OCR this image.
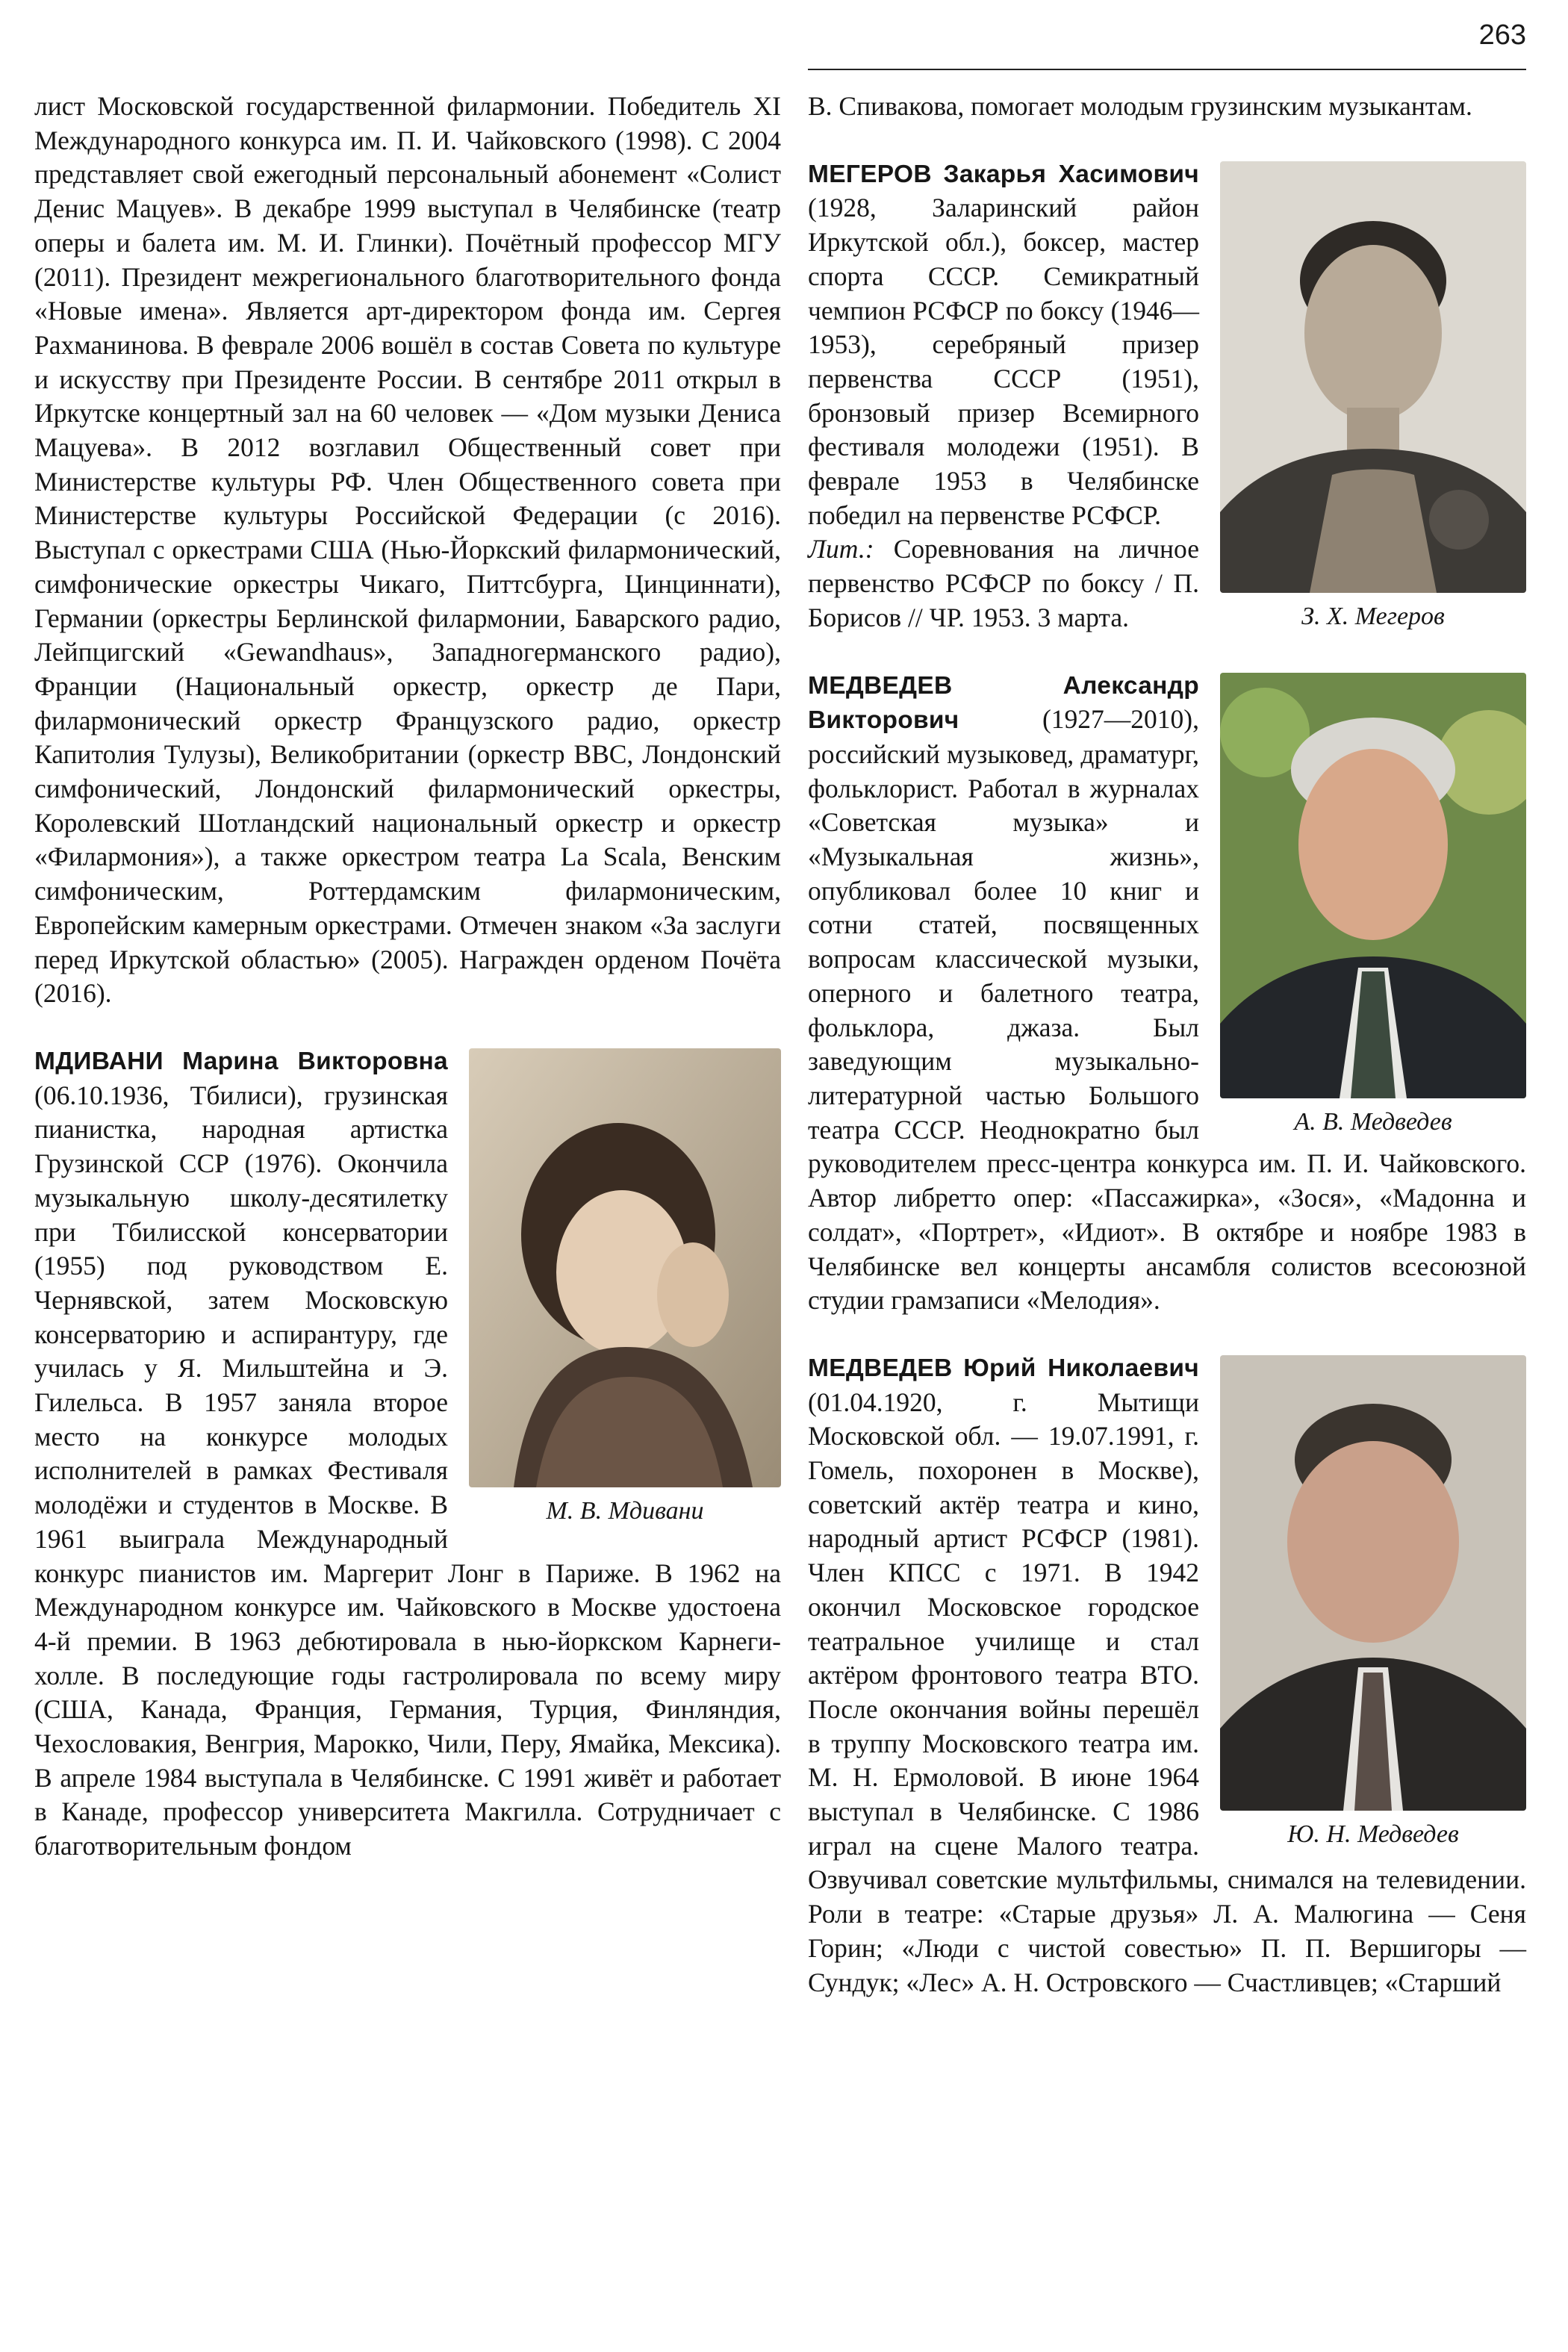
263

лист Московской государственной филармонии. Победитель XI Международного конкурса им. П. И. Чайковского (1998). С 2004 представляет свой ежегодный персональный абонемент «Солист Денис Мацуев». В декабре 1999 выступал в Челябинске (театр оперы и балета им. М. И. Глинки). Почётный профессор МГУ (2011). Президент межрегионального благотворительного фонда «Новые имена». Является арт-директором фонда им. Сергея Рахманинова. В феврале 2006 вошёл в состав Совета по культуре и искусству при Президенте России. В сентябре 2011 открыл в Иркутске концертный зал на 60 человек — «Дом музыки Дениса Мацуева». В 2012 возглавил Общественный совет при Министерстве культуры РФ. Член Общественного совета при Министерстве культуры Российской Федерации (с 2016). Выступал с оркестрами США (Нью-Йоркский филармонический, симфонические оркестры Чикаго, Питтсбурга, Цинциннати), Германии (оркестры Берлинской филармонии, Баварского радио, Лейпцигский «Gewandhaus», Западногерманского радио), Франции (Национальный оркестр, оркестр де Пари, филармонический оркестр Французского радио, оркестр Капитолия Тулузы), Великобритании (оркестр BBC, Лондонский симфонический, Лондонский филармонический оркестры, Королевский Шотландский национальный оркестр и оркестр «Филармония»), а также оркестром театра La Scala, Венским симфоническим, Роттердамским филармоническим, Европейским камерным оркестрами. Отмечен знаком «За заслуги перед Иркутской областью» (2005). Награжден орденом Почёта (2016).

М. В. Мдивани

МДИВАНИ Марина Викторовна (06.10.1936, Тбилиси), грузинская пианистка, народная артистка Грузинской ССР (1976). Окончила музыкальную школу-десятилетку при Тбилисской консерватории (1955) под руководством Е. Чернявской, затем Московскую консерваторию и аспирантуру, где училась у Я. Мильштейна и Э. Гилельса. В 1957 заняла второе место на конкурсе молодых исполнителей в рамках Фестиваля молодёжи и студентов в Москве. В 1961 выиграла Международный конкурс пианистов им. Маргерит Лонг в Париже. В 1962 на Международном конкурсе им. Чайковского в Москве удостоена 4-й премии. В 1963 дебютировала в нью-йоркском Карнеги-холле. В последующие годы гастролировала по всему миру (США, Канада, Франция, Германия, Турция, Финляндия, Чехословакия, Венгрия, Марокко, Чили, Перу, Ямайка, Мексика). В апреле 1984 выступала в Челябинске. С 1991 живёт и работает в Канаде, профессор университета Макгилла. Сотрудничает с благотворительным фондом

В. Спивакова, помогает молодым грузинским музыкантам.

З. Х. Мегеров

МЕГЕРОВ Закарья Хасимович (1928, Заларинский район Иркутской обл.), боксер, мастер спорта СССР. Семикратный чемпион РСФСР по боксу (1946—1953), серебряный призер первенства СССР (1951), бронзовый призер Всемирного фестиваля молодежи (1951). В феврале 1953 в Челябинске победил на первенстве РСФСР.
Лит.: Соревнования на личное первенство РСФСР по боксу / П. Борисов // ЧР. 1953. 3 марта.

А. В. Медведев

МЕДВЕДЕВ	Александр Викторович	(1927—2010), российский музыковед, драматург, фольклорист. Работал в журналах «Советская музыка» и «Музыкальная жизнь», опубликовал более 10 книг и сотни статей, посвященных вопросам классической музыки, оперного и балетного театра, фольклора, джаза. Был заведующим музыкально-литературной частью Большого театра СССР. Неоднократно был руководителем пресс-центра конкурса им. П. И. Чайковского. Автор либретто опер: «Пассажирка», «Зося», «Мадонна и солдат», «Портрет», «Идиот». В октябре и ноябре 1983 в Челябинске вел концерты ансамбля солистов всесоюзной студии грамзаписи «Мелодия».

Ю. Н. Медведев

МЕДВЕДЕВ Юрий Николаевич (01.04.1920, г. Мытищи Московской обл. — 19.07.1991, г. Гомель, похоронен в Москве), советский актёр театра и кино, народный артист РСФСР (1981). Член КПСС с 1971. В 1942 окончил Московское городское театральное училище и стал актёром фронтового театра ВТО. После окончания войны перешёл в труппу Московского театра им. М. Н. Ермоловой. В июне 1964 выступал в Челябинске. С 1986 играл на сцене Малого театра. Озвучивал советские мультфильмы, снимался на телевидении. Роли в театре: «Старые друзья» Л. А. Малюгина — Сеня Горин; «Люди с чистой совестью» П. П. Вершигоры — Сундук; «Лес» А. Н. Островского — Счастливцев; «Старший
